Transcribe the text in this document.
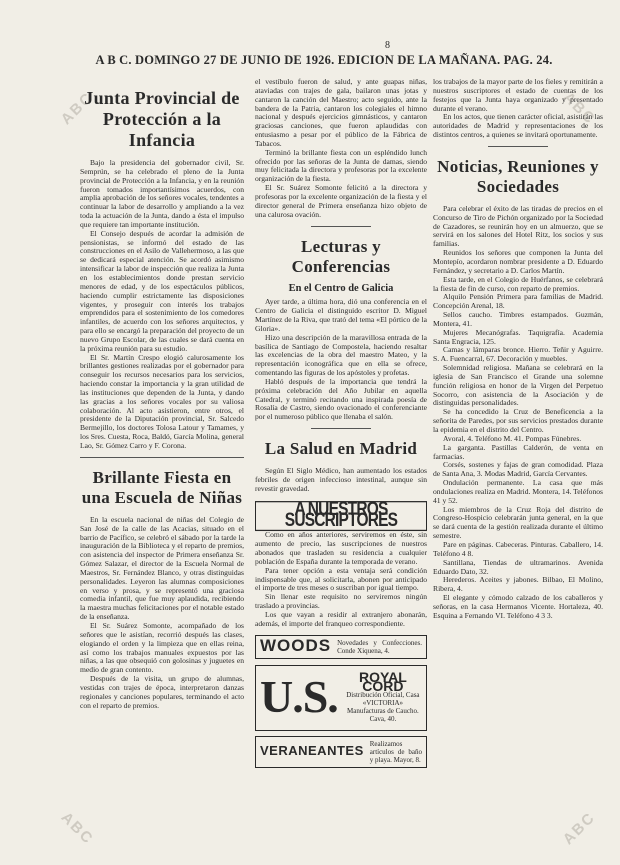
ABC	ABC
ABC	ABC
8
A B C. DOMINGO 27 DE JUNIO DE 1926. EDICION DE LA MAÑANA. PAG. 24.
Junta Provincial de Protección a la Infancia

Bajo la presidencia del gobernador civil, Sr. Semprún, se ha celebrado el pleno de la Junta provincial de Protección a la Infancia, y en la reunión fueron tomados importantísimos acuerdos, con amplia aprobación de los señores vocales, tendentes a continuar la labor de desarrollo y ampliando a la vez toda la actuación de la Junta, dando a ésta el impulso que requiere tan importante institución.

El Consejo después de acordar la admisión de pensionistas, se informó del estado de las construcciones en el Asilo de Vallehermoso, a las que se dedicará especial atención. Se acordó asimismo intensificar la labor de inspección que realiza la Junta en los establecimientos donde prestan servicio menores de edad, y de los espectáculos públicos, haciendo cumplir estrictamente las disposiciones vigentes, y proseguir con interés los trabajos emprendidos para el sostenimiento de los comedores infantiles, de acuerdo con los señores arquitectos, y para ello se encargó la preparación del proyecto de un nuevo Grupo Escolar, de las cuales se dará cuenta en la próxima reunión para su estudio.

El Sr. Martín Crespo elogió calurosamente los brillantes gestiones realizadas por el gobernador para conseguir los recursos necesarios para los servicios, haciendo constar la importancia y la gran utilidad de las instituciones que dependen de la Junta, y dando las gracias a los señores vocales por su valiosa colaboración. Al acto asistieron, entre otros, el presidente de la Diputación provincial, Sr. Salcedo Bermejillo, los doctores Tolosa Latour y Tamames, y los Sres. Cuesta, Roca, Baldó, García Molina, general Lao, Sr. Gómez Carro y F. Corona.

Brillante Fiesta en una Escuela de Niñas

En la escuela nacional de niñas del Colegio de San José de la calle de las Acacias, situado en el barrio de Pacífico, se celebró el sábado por la tarde la inauguración de la Biblioteca y el reparto de premios, con asistencia del inspector de Primera enseñanza Sr. Gómez Salazar, el director de la Escuela Normal de Maestros, Sr. Fernández Blanco, y otras distinguidas personalidades. Leyeron las alumnas composiciones en verso y prosa, y se representó una graciosa comedia infantil, que fue muy aplaudida, recibiendo la maestra muchas felicitaciones por el notable estado de la enseñanza.

El Sr. Suárez Somonte, acompañado de los señores que le asistían, recorrió después las clases, elogiando el orden y la limpieza que en ellas reina, así como los trabajos manuales expuestos por las niñas, a las que obsequió con golosinas y juguetes en medio de gran contento.

Después de la visita, un grupo de alumnas, vestidas con trajes de época, interpretaron danzas regionales y canciones populares, terminando el acto con el reparto de premios.

el vestíbulo fueron de salud, y ante guapas niñas, ataviadas con trajes de gala, bailaron unas jotas y cantaron la canción del Maestro; acto seguido, ante la bandera de la Patria, cantaron los colegiales el himno nacional y después ejercicios gimnásticos, y cantaron graciosas canciones, que fueron aplaudidas con entusiasmo a pesar por el público de la Fábrica de Tabacos.

Terminó la brillante fiesta con un espléndido lunch ofrecido por las señoras de la Junta de damas, siendo muy felicitada la directora y profesoras por la excelente organización de la fiesta.

El Sr. Suárez Somonte felicitó a la directora y profesoras por la excelente organización de la fiesta y el director general de Primera enseñanza hizo objeto de una calurosa ovación.

Lecturas y Conferencias
En el Centro de Galicia

Ayer tarde, a última hora, dió una conferencia en el Centro de Galicia el distinguido escritor D. Miguel Martínez de la Riva, que trató del tema «El pórtico de la Gloria».

Hizo una descripción de la maravillosa entrada de la basílica de Santiago de Compostela, haciendo resaltar las excelencias de la obra del maestro Mateo, y la representación iconográfica que en ella se ofrece, comentando las figuras de los apóstoles y profetas.

Habló después de la importancia que tendrá la próxima celebración del Año Jubilar en aquella Catedral, y terminó recitando una inspirada poesía de Rosalía de Castro, siendo ovacionado el conferenciante por el numeroso público que llenaba el salón.

La Salud en Madrid

Según El Siglo Médico, han aumentado los estados febriles de origen infeccioso intestinal, aunque sin revestir gravedad.

A NUESTROS SUSCRIPTORES

Como en años anteriores, serviremos en éste, sin aumento de precio, las suscripciones de nuestros abonados que trasladen su residencia a cualquier población de España durante la temporada de verano.

Para tener opción a esta ventaja será condición indispensable que, al solicitarla, abonen por anticipado el importe de tres meses o suscriban por igual tiempo.

Sin llenar este requisito no serviremos ningún traslado a provincias.

Los que vayan a residir al extranjero abonarán, además, el importe del franqueo correspondiente.

WOODS Novedades y Confecciones. Conde Xiquena, 4.
U.S.	ROYAL CORD
Distribución Oficial, Casa «VICTORIA»
Manufacturas de Caucho. Cava, 40.
VERANEANTES Realizamos artículos de baño y playa. Mayor, 8.

los trabajos de la mayor parte de los fieles y remitirán a nuestros suscriptores el estado de cuentas de los festejos que la Junta haya organizado y presentado durante el verano.

En los actos, que tienen carácter oficial, asistirán las autoridades de Madrid y representaciones de los distintos centros, a quienes se invitará oportunamente.

Noticias, Reuniones y Sociedades

Para celebrar el éxito de las tiradas de precios en el Concurso de Tiro de Pichón organizado por la Sociedad de Cazadores, se reunirán hoy en un almuerzo, que se servirá en los salones del Hotel Ritz, los socios y sus familias.

Reunidos los señores que componen la Junta del Montepío, acordaron nombrar presidente a D. Eduardo Fernández, y secretario a D. Carlos Martín.

Esta tarde, en el Colegio de Huérfanos, se celebrará la fiesta de fin de curso, con reparto de premios.

Alquilo Pensión Primera para familias de Madrid. Concepción Arenal, 18.

Sellos caucho. Timbres estampados. Guzmán, Montera, 41.

Mujeres Mecanógrafas. Taquigrafía. Academia Santa Engracia, 125.

Camas y lámparas bronce. Hierro. Teñir y Aguirre. S. A. Fuencarral, 67. Decoración y muebles.

Solemnidad religiosa. Mañana se celebrará en la iglesia de San Francisco el Grande una solemne función religiosa en honor de la Virgen del Perpetuo Socorro, con asistencia de la Asociación y de distinguidas personalidades.

Se ha concedido la Cruz de Beneficencia a la señorita de Paredes, por sus servicios prestados durante la epidemia en el distrito del Centro.

Avoral, 4. Teléfono M. 41. Pompas Fúnebres.

La garganta. Pastillas Calderón, de venta en farmacias.

Corsés, sostenes y fajas de gran comodidad. Plaza de Santa Ana, 3. Modas Madrid, García Cervantes.

Ondulación permanente. La casa que más ondulaciones realiza en Madrid. Montera, 14. Teléfonos 41 y 52.

Los miembros de la Cruz Roja del distrito de Congreso-Hospicio celebrarán junta general, en la que se dará cuenta de la gestión realizada durante el último semestre.

Pare en páginas. Cabeceras. Pinturas. Caballero, 14. Teléfono 4 8.

Santillana, Tiendas de ultramarinos. Avenida Eduardo Dato, 32.

Herederos. Aceites y jabones. Bilbao, El Molino, Ribera, 4.

El elegante y cómodo calzado de los caballeros y señoras, en la casa Hermanos Vicente. Hortaleza, 40. Esquina a Fernando VI. Teléfono 4 3 3.
